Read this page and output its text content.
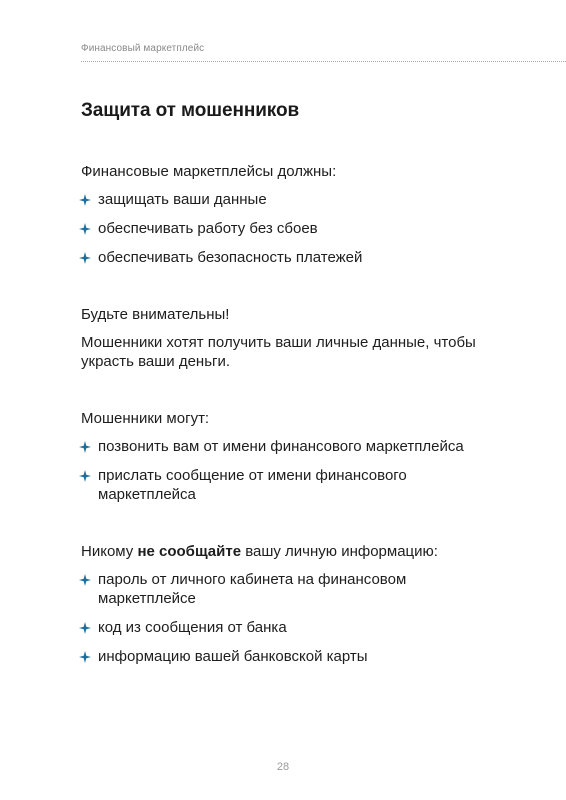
Финансовый маркетплейс
Защита от мошенников

Финансовые маркетплейсы должны:

защищать ваши данные
обеспечивать работу без сбоев
обеспечивать безопасность платежей

Будьте внимательны!

Мошенники хотят получить ваши личные данные, чтобы украсть ваши деньги.

Мошенники могут:

позвонить вам от имени финансового маркетплейса
прислать сообщение от имени финансового маркетплейса

Никому не сообщайте вашу личную информацию:

пароль от личного кабинета на финансовом маркетплейсе
код из сообщения от банка
информацию вашей банковской карты
28
